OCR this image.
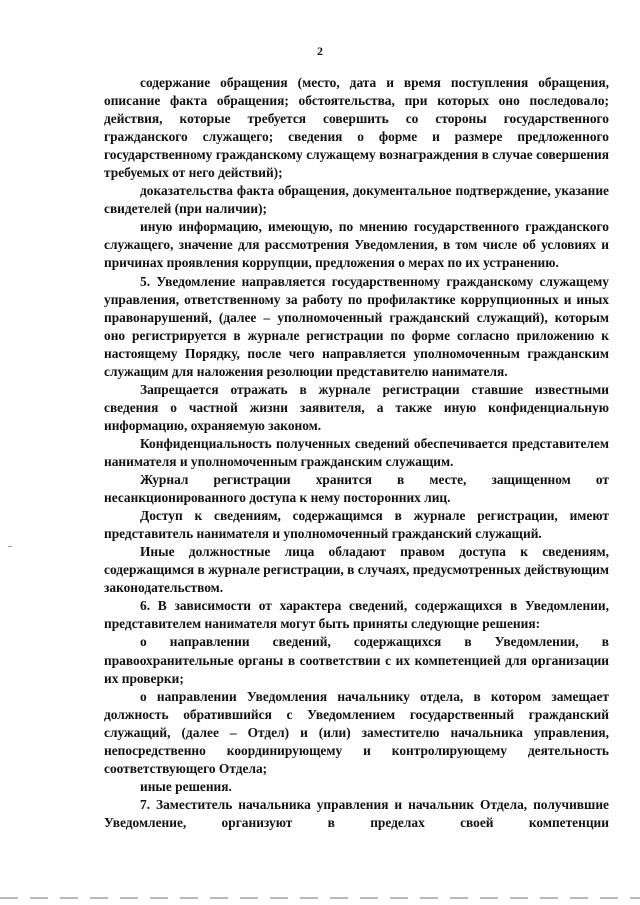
2

содержание обращения (место, дата и время поступления обращения, описание факта обращения; обстоятельства, при которых оно последовало; действия, которые требуется совершить со стороны государственного гражданского служащего; сведения о форме и размере предложенного государственному гражданскому служащему вознаграждения в случае совершения требуемых от него действий);

доказательства факта обращения, документальное подтверждение, указание свидетелей (при наличии);

иную информацию, имеющую, по мнению государственного гражданского служащего, значение для рассмотрения Уведомления, в том числе об условиях и причинах проявления коррупции, предложения о мерах по их устранению.

5. Уведомление направляется государственному гражданскому служащему управления, ответственному за работу по профилактике коррупционных и иных правонарушений, (далее – уполномоченный гражданский служащий), которым оно регистрируется в журнале регистрации по форме согласно приложению к настоящему Порядку, после чего направляется уполномоченным гражданским служащим для наложения резолюции представителю нанимателя.

Запрещается отражать в журнале регистрации ставшие известными сведения о частной жизни заявителя, а также иную конфиденциальную информацию, охраняемую законом.

Конфиденциальность полученных сведений обеспечивается представителем нанимателя и уполномоченным гражданским служащим.

Журнал регистрации хранится в месте, защищенном от несанкционированного доступа к нему посторонних лиц.

Доступ к сведениям, содержащимся в журнале регистрации, имеют представитель нанимателя и уполномоченный гражданский служащий.

Иные должностные лица обладают правом доступа к сведениям, содержащимся в журнале регистрации, в случаях, предусмотренных действующим законодательством.

6. В зависимости от характера сведений, содержащихся в Уведомлении, представителем нанимателя могут быть приняты следующие решения:

о направлении сведений, содержащихся в Уведомлении, в правоохранительные органы в соответствии с их компетенцией для организации их проверки;

о направлении Уведомления начальнику отдела, в котором замещает должность обратившийся с Уведомлением государственный гражданский служащий, (далее – Отдел) и (или) заместителю начальника управления, непосредственно координирующему и контролирующему деятельность соответствующего Отдела;

иные решения.

7. Заместитель начальника управления и начальник Отдела, получившие Уведомление, организуют в пределах своей компетенции
